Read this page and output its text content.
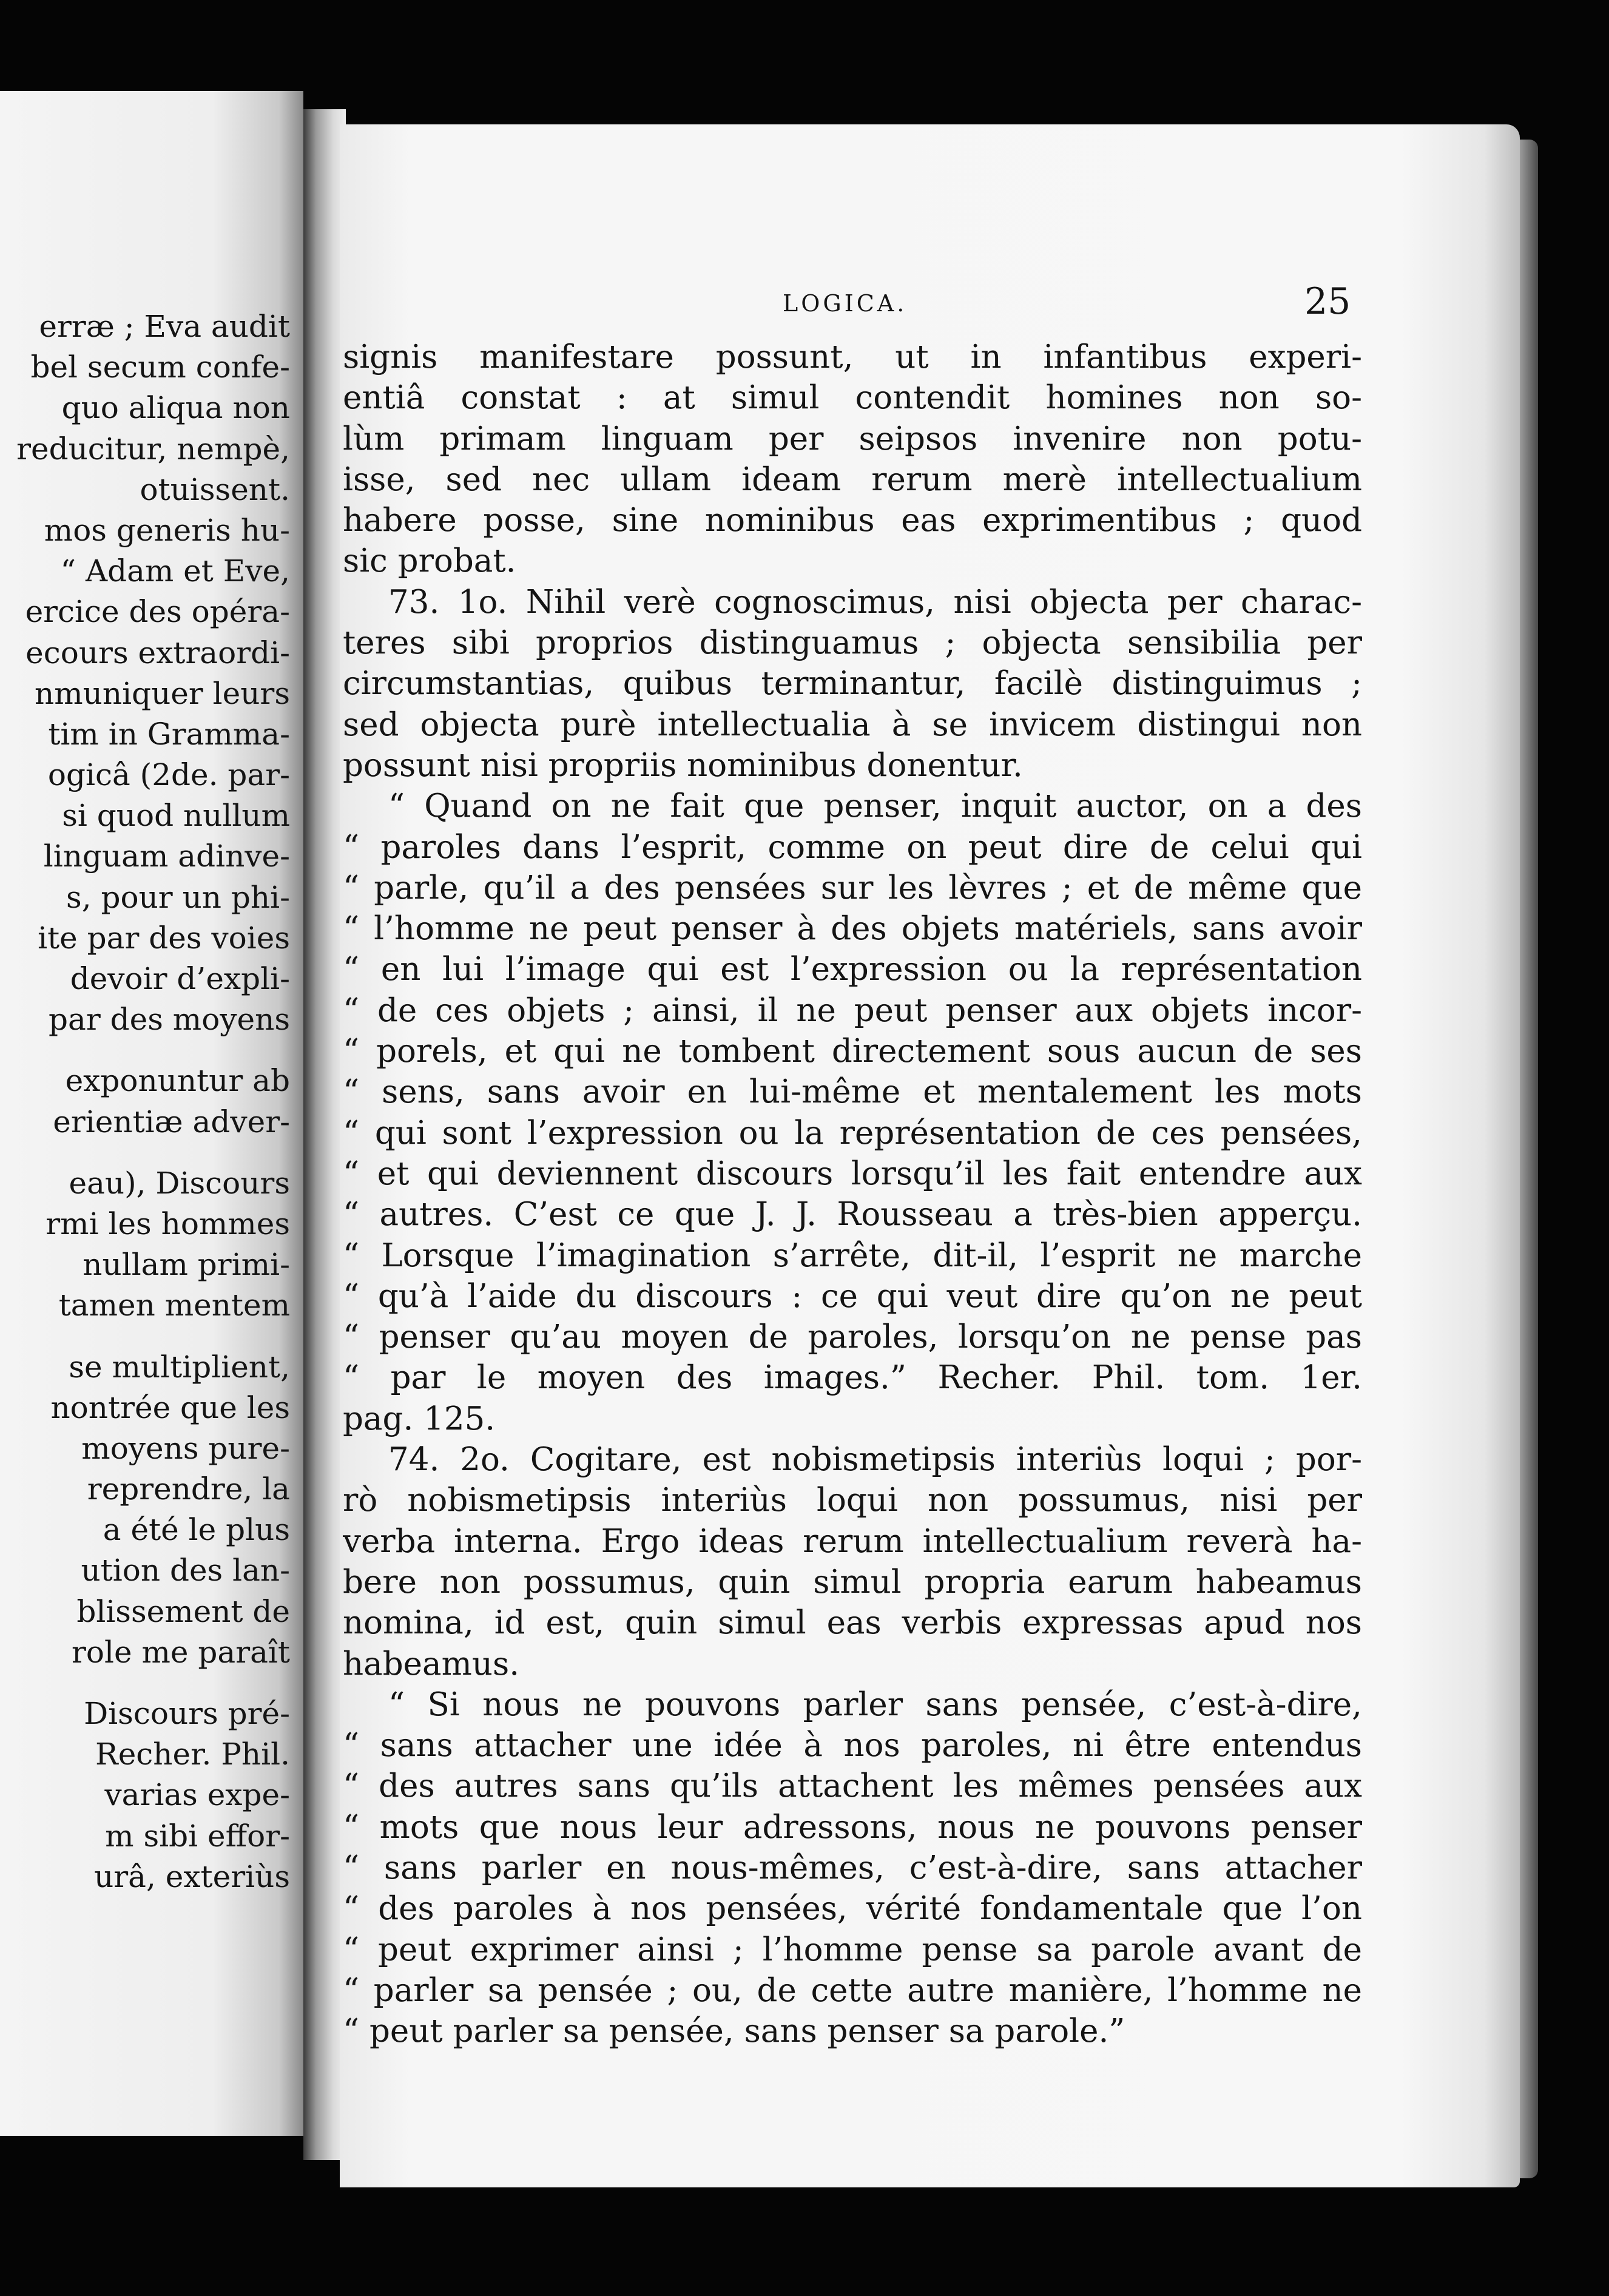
erræ ; Eva audit
bel secum confe-
quo aliqua non
reducitur, nempè,
otuissent.
mos generis hu-
“ Adam et Eve,
ercice des opéra-
ecours extraordi-
nmuniquer leurs
tim in Gramma-
ogicâ (2de. par-
si quod nullum
linguam adinve-
s, pour un phi-
ite par des voies
devoir d’expli-
par des moyens
exponuntur ab
erientiæ adver-
eau), Discours
rmi les hommes
nullam primi-
tamen mentem
se multiplient,
nontrée que les
moyens pure-
reprendre, la
a été le plus
ution des lan-
blissement de
role me paraît
Discours pré-
Recher. Phil.
varias expe-
m sibi effor-
urâ, exteriùs
LOGICA.	25
signis manifestare possunt, ut in infantibus experi-
entiâ constat : at simul contendit homines non so-
lùm primam linguam per seipsos invenire non potu-
isse, sed nec ullam ideam rerum merè intellectualium
habere posse, sine nominibus eas exprimentibus ; quod
sic probat.
73. 1o. Nihil verè cognoscimus, nisi objecta per charac-
teres sibi proprios distinguamus ; objecta sensibilia per
circumstantias, quibus terminantur, facilè distinguimus ;
sed objecta purè intellectualia à se invicem distingui non
possunt nisi propriis nominibus donentur.
“ Quand on ne fait que penser, inquit auctor, on a des
“ paroles dans l’esprit, comme on peut dire de celui qui
“ parle, qu’il a des pensées sur les lèvres ; et de même que
“ l’homme ne peut penser à des objets matériels, sans avoir
“ en lui l’image qui est l’expression ou la représentation
“ de ces objets ; ainsi, il ne peut penser aux objets incor-
“ porels, et qui ne tombent directement sous aucun de ses
“ sens, sans avoir en lui-même et mentalement les mots
“ qui sont l’expression ou la représentation de ces pensées,
“ et qui deviennent discours lorsqu’il les fait entendre aux
“ autres. C’est ce que J. J. Rousseau a très-bien apperçu.
“ Lorsque l’imagination s’arrête, dit-il, l’esprit ne marche
“ qu’à l’aide du discours : ce qui veut dire qu’on ne peut
“ penser qu’au moyen de paroles, lorsqu’on ne pense pas
“ par le moyen des images.” Recher. Phil. tom. 1er.
pag. 125.
74. 2o. Cogitare, est nobismetipsis interiùs loqui ; por-
rò nobismetipsis interiùs loqui non possumus, nisi per
verba interna. Ergo ideas rerum intellectualium reverà ha-
bere non possumus, quin simul propria earum habeamus
nomina, id est, quin simul eas verbis expressas apud nos
habeamus.
“ Si nous ne pouvons parler sans pensée, c’est-à-dire,
“ sans attacher une idée à nos paroles, ni être entendus
“ des autres sans qu’ils attachent les mêmes pensées aux
“ mots que nous leur adressons, nous ne pouvons penser
“ sans parler en nous-mêmes, c’est-à-dire, sans attacher
“ des paroles à nos pensées, vérité fondamentale que l’on
“ peut exprimer ainsi ; l’homme pense sa parole avant de
“ parler sa pensée ; ou, de cette autre manière, l’homme ne
“ peut parler sa pensée, sans penser sa parole.”
